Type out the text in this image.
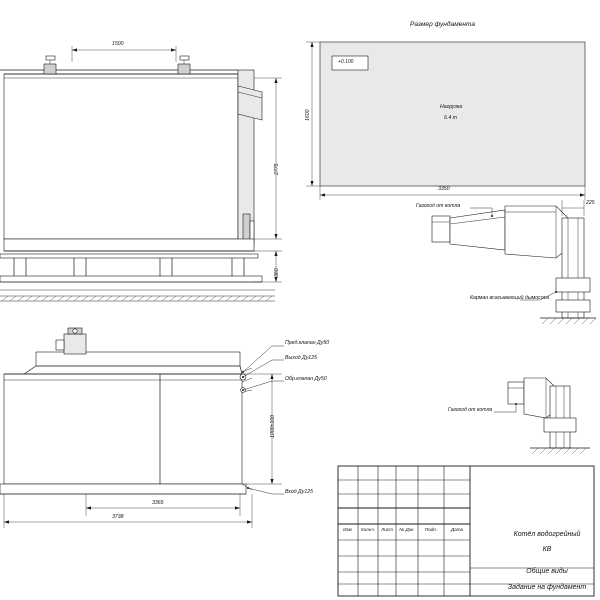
Размер фундамента
+0.100
Нагрузка
6.4 т
3350
1600
1500
2775
360
3365
3738
1000±100
Пред.клапан Ду50
Выход Ду125
Обр.клапан Ду50
Вход Ду125
Газоход от котла
Карман всасывающий дымососа
Газоход от котла
225
Изм.	Колич.	Лист	№ Док.	Подп.	Дата
Котёл водогрейный
КВ
Общие виды
Задание на фундамент
